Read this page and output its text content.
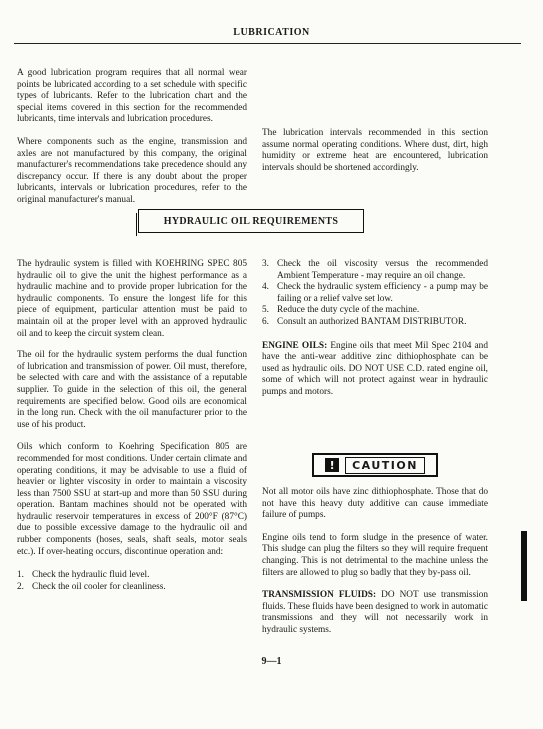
LUBRICATION

A good lubrication program requires that all normal wear points be lubricated according to a set schedule with specific types of lubricants. Refer to the lubrication chart and the special items covered in this section for the recommended lubricants, time intervals and lubrication procedures.

Where components such as the engine, transmission and axles are not manufactured by this company, the original manufacturer's recommendations take precedence should any discrepancy occur. If there is any doubt about the proper lubricants, intervals or lubrication procedures, refer to the original manufacturer's manual.

The lubrication intervals recommended in this section assume normal operating conditions. Where dust, dirt, high humidity or extreme heat are encountered, lubrication intervals should be shortened accordingly.
HYDRAULIC OIL REQUIREMENTS

The hydraulic system is filled with KOEHRING SPEC 805 hydraulic oil to give the unit the highest performance as a hydraulic machine and to provide proper lubrication for the hydraulic components. To ensure the longest life for this piece of equipment, particular attention must be paid to maintain oil at the proper level with an approved hydraulic oil and to keep the circuit system clean.

The oil for the hydraulic system performs the dual function of lubrication and transmission of power. Oil must, therefore, be selected with care and with the assistance of a reputable supplier. To guide in the selection of this oil, the general requirements are specified below. Good oils are economical in the long run. Check with the oil manufacturer prior to the use of his product.

Oils which conform to Koehring Specification 805 are recommended for most conditions. Under certain climate and operating conditions, it may be advisable to use a fluid of heavier or lighter viscosity in order to maintain a viscosity less than 7500 SSU at start-up and more than 50 SSU during operation. Bantam machines should not be operated with hydraulic reservoir temperatures in excess of 200°F (87°C) due to possible excessive damage to the hydraulic oil and rubber components (hoses, seals, shaft seals, motor seals etc.). If over-heating occurs, discontinue operation and:

1. Check the hydraulic fluid level.
2. Check the oil cooler for cleanliness.
3. Check the oil viscosity versus the recommended Ambient Temperature - may require an oil change.
4. Check the hydraulic system efficiency - a pump may be failing or a relief valve set low.
5. Reduce the duty cycle of the machine.
6. Consult an authorized BANTAM DISTRIBUTOR.

ENGINE OILS: Engine oils that meet Mil Spec 2104 and have the anti-wear additive zinc dithiophosphate can be used as hydraulic oils. DO NOT USE C.D. rated engine oil, some of which will not protect against wear in hydraulic pumps and motors.

!	CAUTION

Not all motor oils have zinc dithiophosphate. Those that do not have this heavy duty additive can cause immediate failure of pumps.

Engine oils tend to form sludge in the presence of water. This sludge can plug the filters so they will require frequent changing. This is not detrimental to the machine unless the filters are allowed to plug so badly that they by-pass oil.

TRANSMISSION FLUIDS: DO NOT use transmission fluids. These fluids have been designed to work in automatic transmissions and they will not necessarily work in hydraulic systems.

9—1
